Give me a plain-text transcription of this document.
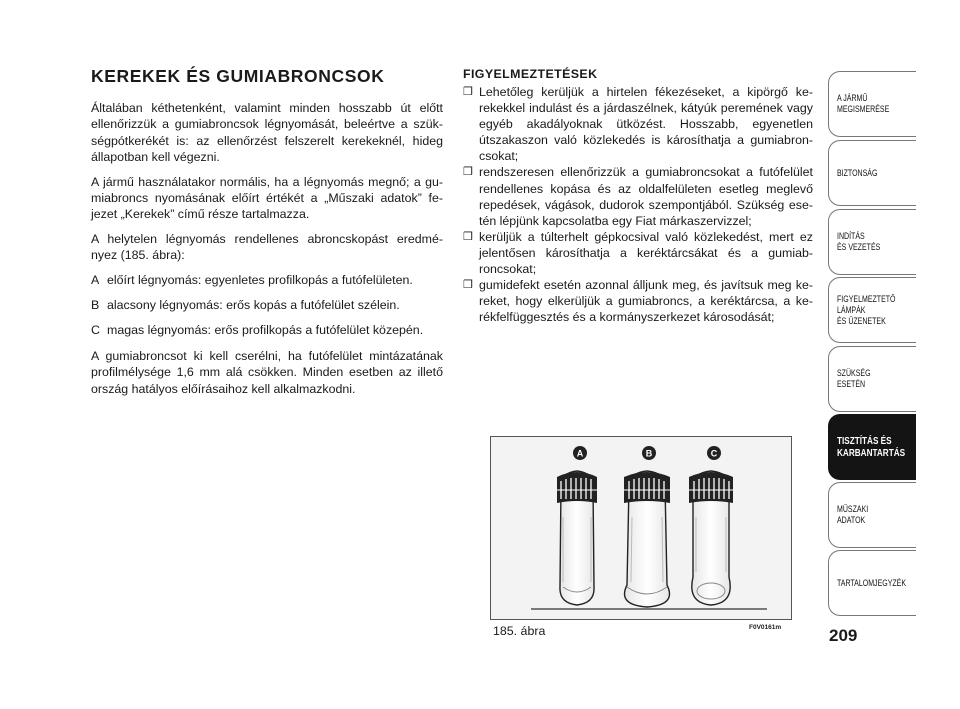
KEREKEK ÉS GUMIABRONCSOK
Általában kéthetenként, valamint minden hosszabb út előtt ellenőrizzük a gumiabroncsok légnyomását, beleértve a szük- ségpótkerékét is: az ellenőrzést felszerelt kerekeknél, hideg állapotban kell végezni.
A jármű használatakor normális, ha a légnyomás megnő; a gu- miabroncs nyomásának előírt értékét a „Műszaki adatok” fe- jezet „Kerekek” című része tartalmazza.
A helytelen légnyomás rendellenes abroncskopást eredmé- nyez (185. ábra):
A előírt légnyomás: egyenletes profilkopás a futófelületen.
B alacsony légnyomás: erős kopás a futófelület szélein.
C magas légnyomás: erős profilkopás a futófelület közepén.
A gumiabroncsot ki kell cserélni, ha futófelület mintázatának profilmélysége 1,6 mm alá csökken. Minden esetben az illető ország hatályos előírásaihoz kell alkalmazkodni.
FIGYELMEZTETÉSEK
❒ Lehetőleg kerüljük a hirtelen fékezéseket, a kipörgő ke- rekekkel indulást és a járdaszélnek, kátyúk peremének vagy egyéb akadályoknak ütközést. Hosszabb, egyenetlen útszakaszon való közlekedés is károsíthatja a gumiabron- csokat;
❒ rendszeresen ellenőrizzük a gumiabroncsokat a futófelület rendellenes kopása és az oldalfelületen esetleg meglevő repedések, vágások, dudorok szempontjából. Szükség ese- tén lépjünk kapcsolatba egy Fiat márkaszervizzel;
❒ kerüljük a túlterhelt gépkocsival való közlekedést, mert ez jelentősen károsíthatja a keréktárcsákat és a gumiab- roncsokat;
❒ gumidefekt esetén azonnal álljunk meg, és javítsuk meg ke- reket, hogy elkerüljük a gumiabroncs, a keréktárcsa, a ke- rékfelfüggesztés és a kormányszerkezet károsodását;
A	B	C
185. ábra	F0V0161m	209
A JÁRMŰ
MEGISMERÉSE
BIZTONSÁG
INDÍTÁS
ÉS VEZETÉS
FIGYELMEZTETŐ
LÁMPÁK
ÉS ÜZENETEK
SZÜKSÉG
ESETÉN
TISZTÍTÁS ÉS
KARBANTARTÁS
MŰSZAKI
ADATOK
TARTALOMJEGYZÉK
